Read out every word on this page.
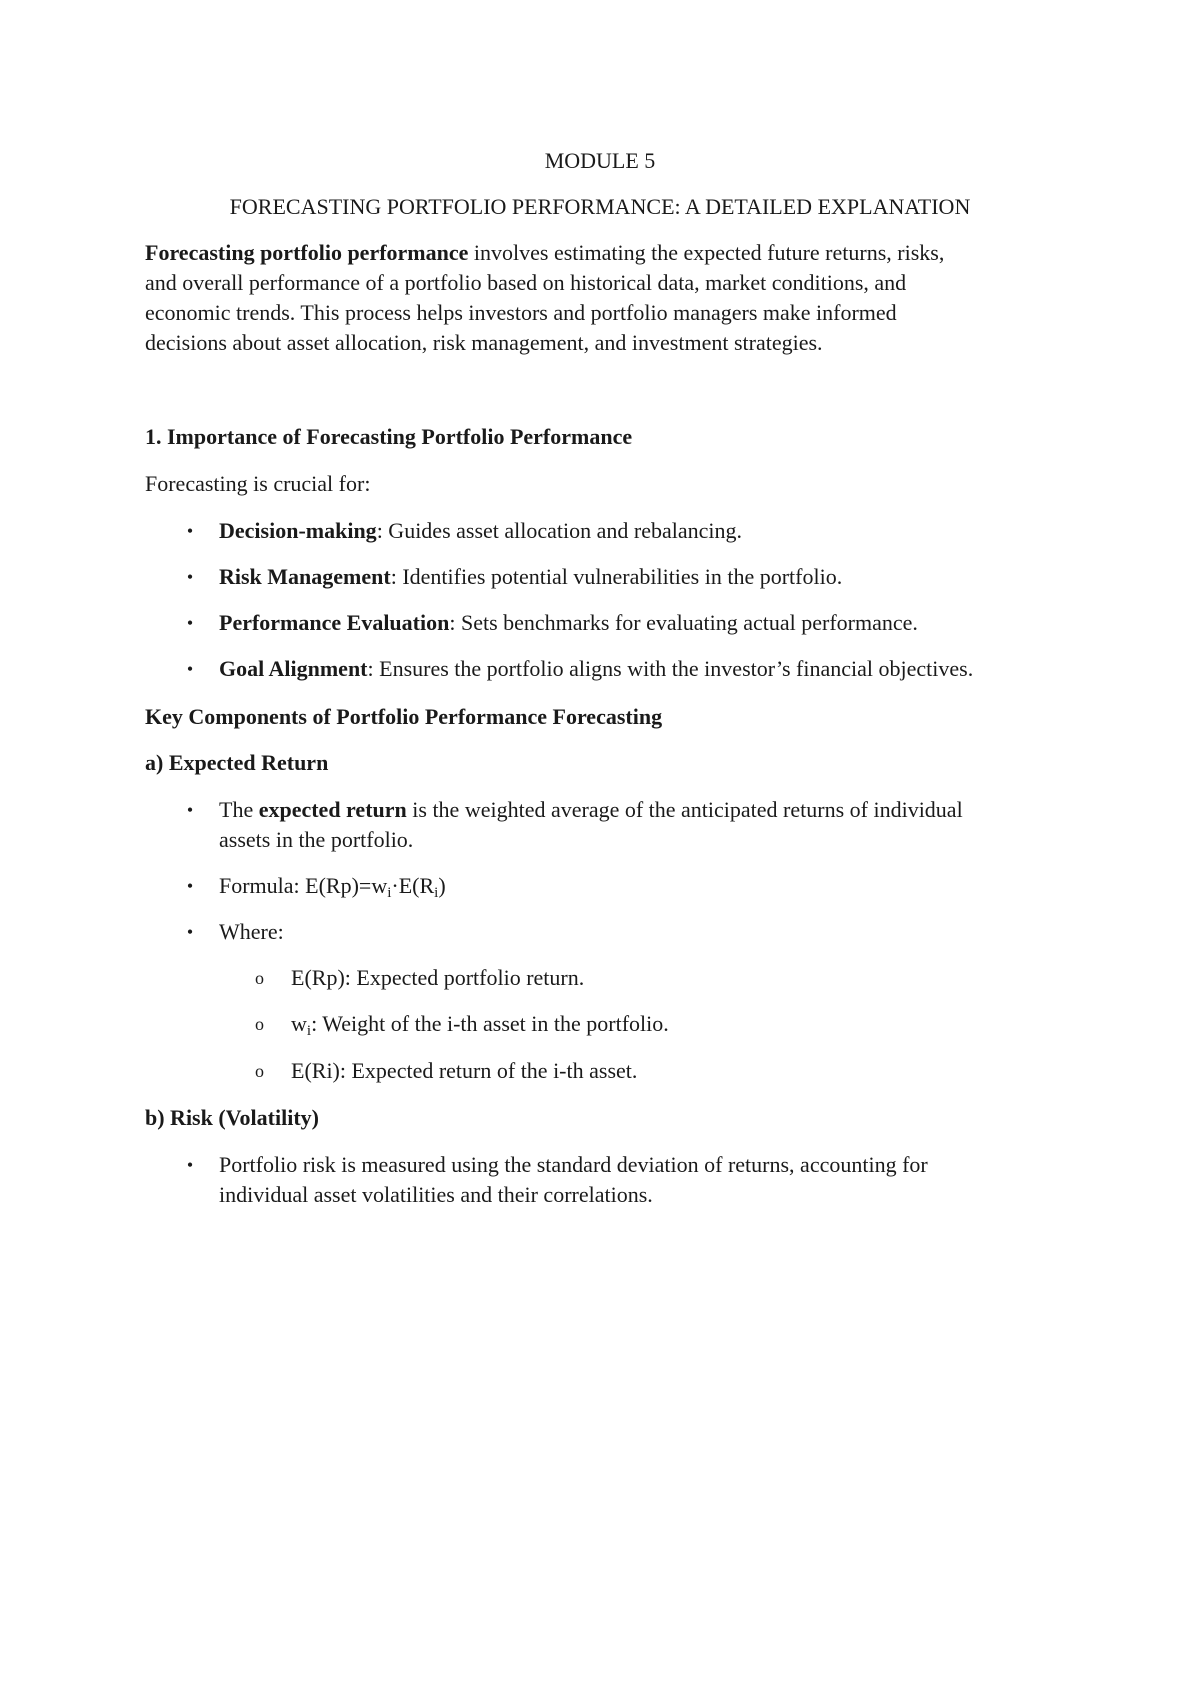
MODULE 5
FORECASTING PORTFOLIO PERFORMANCE: A DETAILED EXPLANATION
Forecasting portfolio performance involves estimating the expected future returns, risks,
and overall performance of a portfolio based on historical data, market conditions, and
economic trends. This process helps investors and portfolio managers make informed
decisions about asset allocation, risk management, and investment strategies.
1. Importance of Forecasting Portfolio Performance
Forecasting is crucial for:
• Decision-making: Guides asset allocation and rebalancing.
• Risk Management: Identifies potential vulnerabilities in the portfolio.
• Performance Evaluation: Sets benchmarks for evaluating actual performance.
• Goal Alignment: Ensures the portfolio aligns with the investor’s financial objectives.
Key Components of Portfolio Performance Forecasting
a) Expected Return
• The expected return is the weighted average of the anticipated returns of individual
assets in the portfolio.
• Formula: $E(Rp)=w_i\cdot E(R_i)$
• Where:
o E(Rp): Expected portfolio return.
o $w_i$: Weight of the i-th asset in the portfolio.
o E(Ri): Expected return of the i-th asset.
b) Risk (Volatility)
• Portfolio risk is measured using the standard deviation of returns, accounting for
individual asset volatilities and their correlations.
